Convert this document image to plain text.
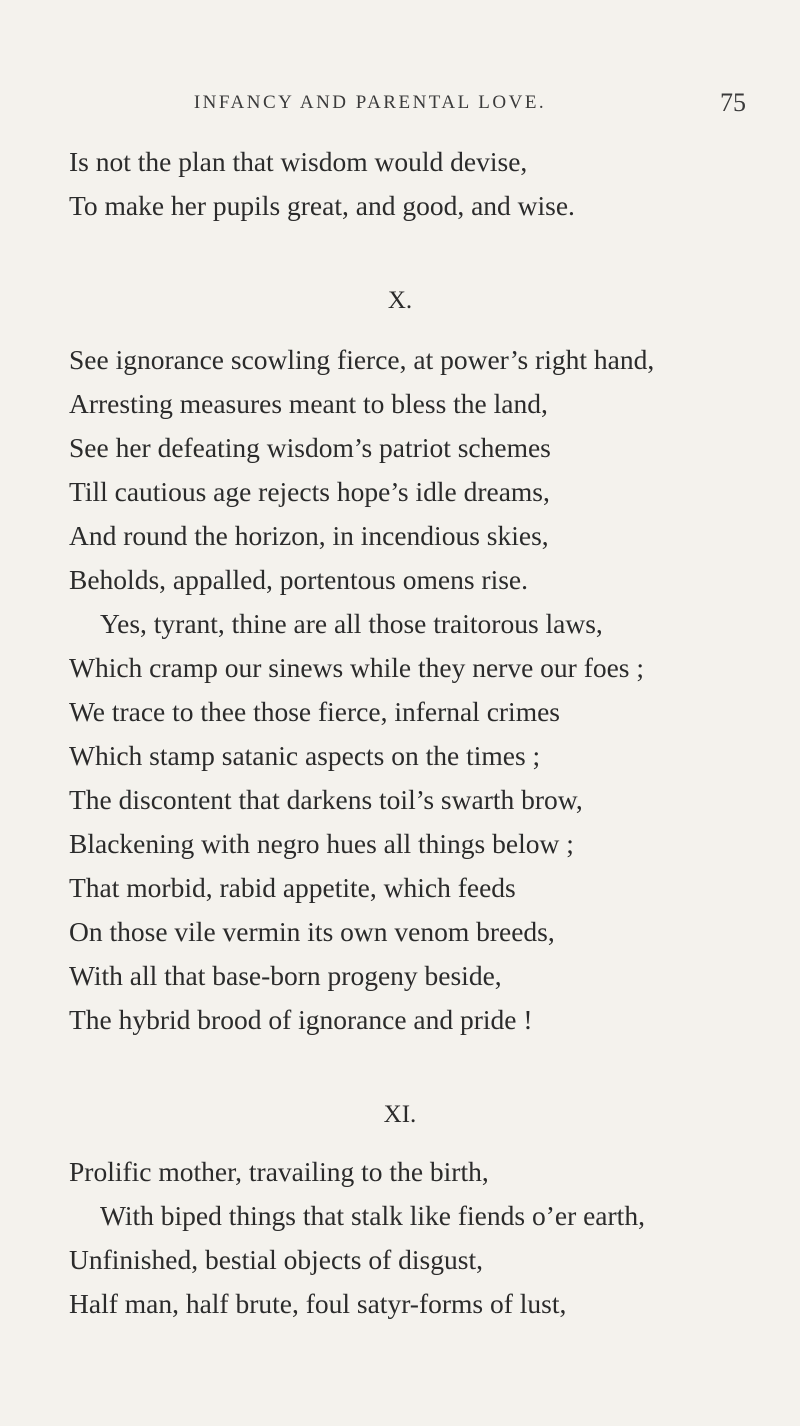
INFANCY AND PARENTAL LOVE.	75
Is not the plan that wisdom would devise,
To make her pupils great, and good, and wise.
X.
See ignorance scowling fierce, at power’s right hand,
Arresting measures meant to bless the land,
See her defeating wisdom’s patriot schemes
Till cautious age rejects hope’s idle dreams,
And round the horizon, in incendious skies,
Beholds, appalled, portentous omens rise.
Yes, tyrant, thine are all those traitorous laws,
Which cramp our sinews while they nerve our foes ;
We trace to thee those fierce, infernal crimes
Which stamp satanic aspects on the times ;
The discontent that darkens toil’s swarth brow,
Blackening with negro hues all things below ;
That morbid, rabid appetite, which feeds
On those vile vermin its own venom breeds,
With all that base-born progeny beside,
The hybrid brood of ignorance and pride !
XI.
Prolific mother, travailing to the birth,
With biped things that stalk like fiends o’er earth,
Unfinished, bestial objects of disgust,
Half man, half brute, foul satyr-forms of lust,
